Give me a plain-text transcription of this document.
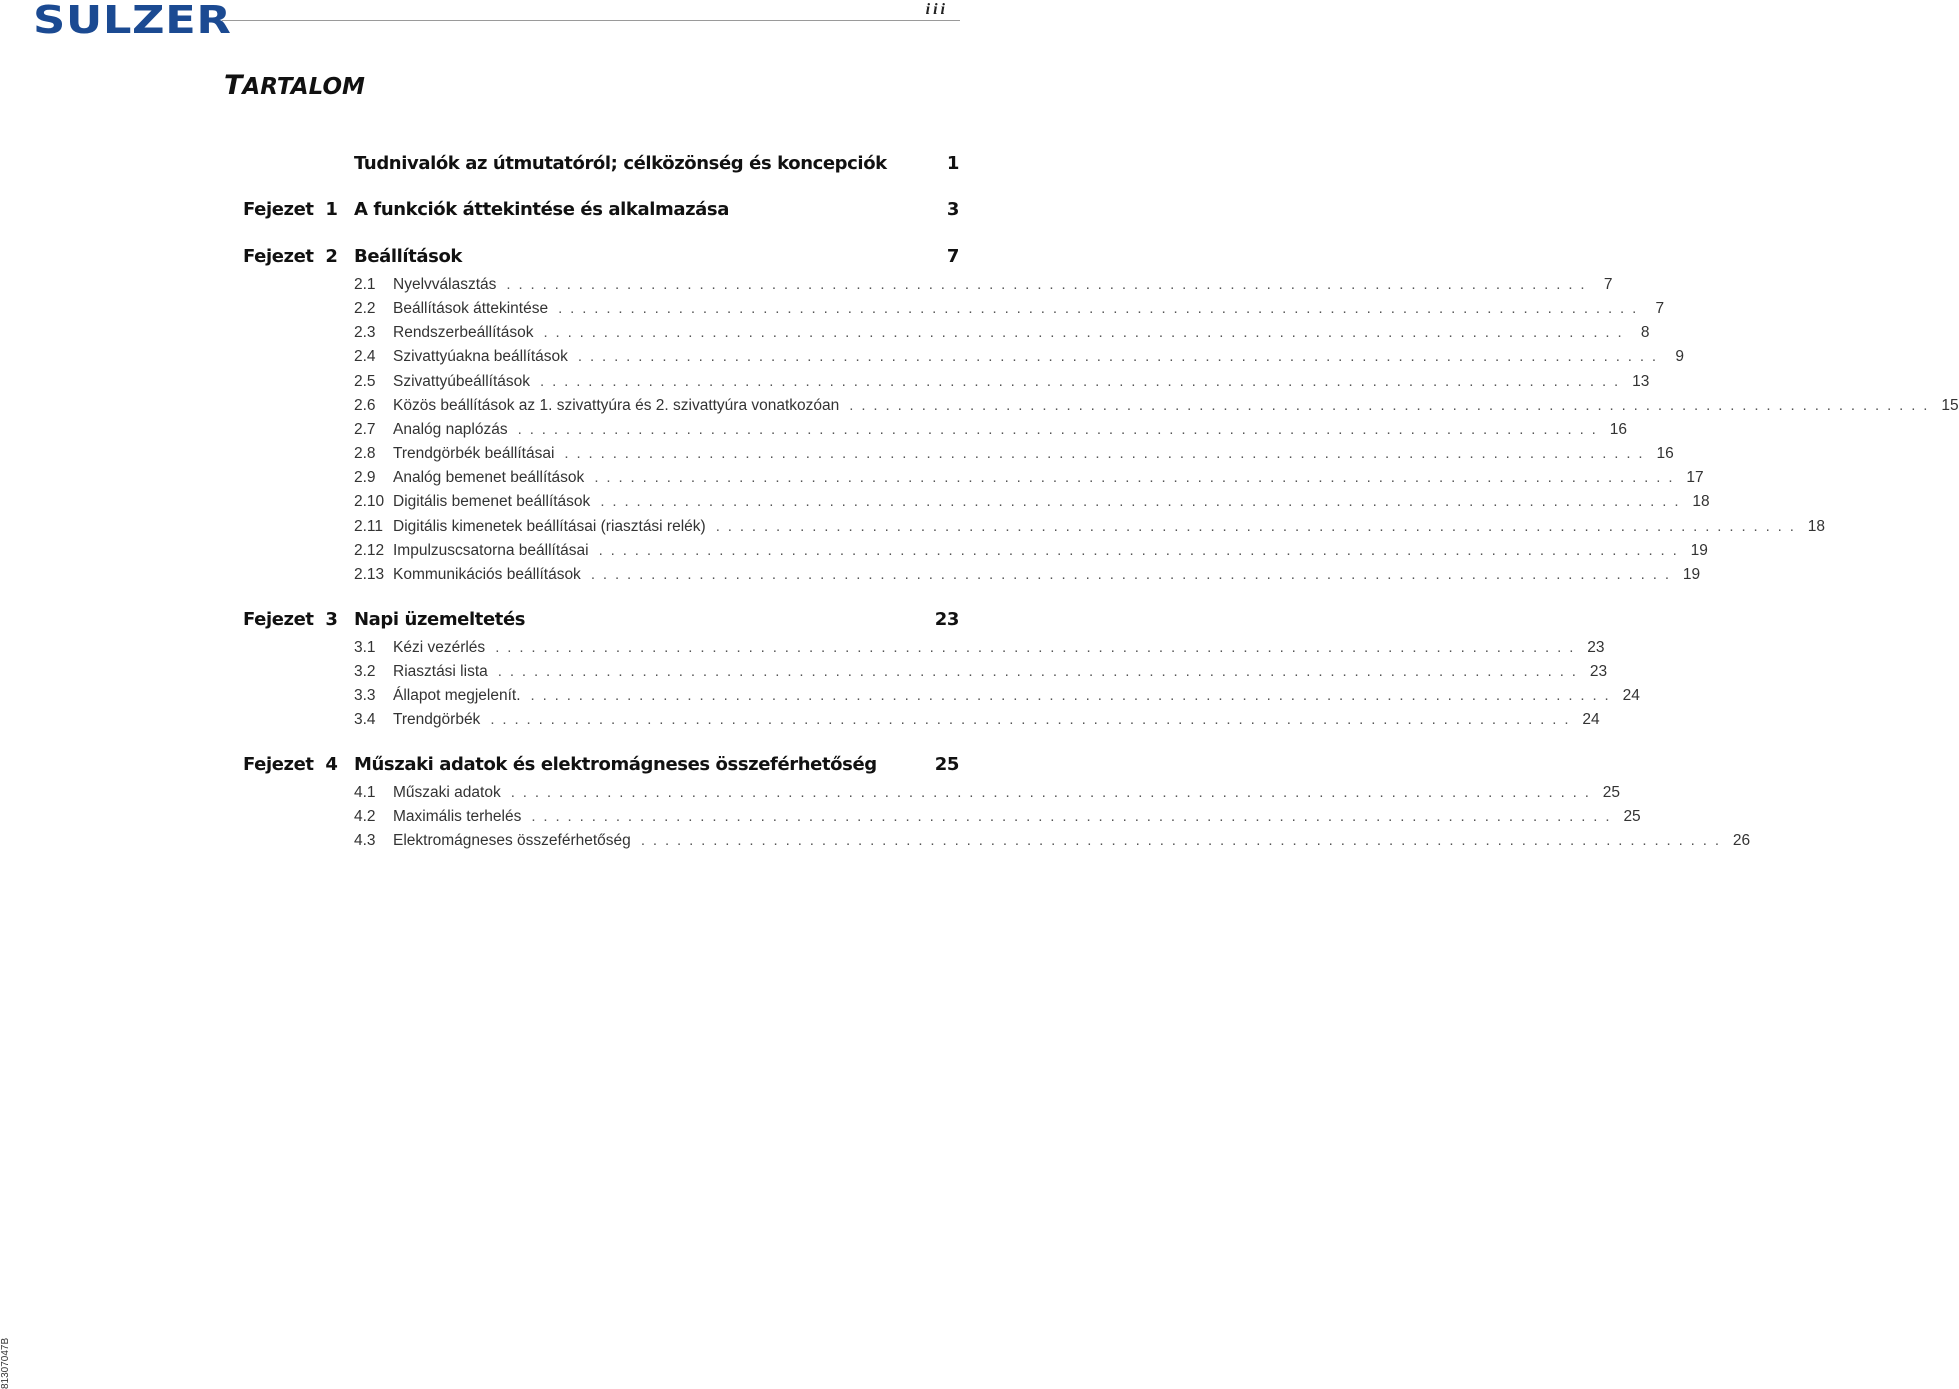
SULZER	iii
TARTALOM
Tudnivalók az útmutatóról; célközönség és koncepciók	1
Fejezet  1 A funkciók áttekintése és alkalmazása	3
Fejezet  2 Beállítások	7
2.1 Nyelvválasztás .......................................................................................... 7
2.2 Beállítások áttekintése .......................................................................................... 7
2.3 Rendszerbeállítások .......................................................................................... 8
2.4 Szivattyúakna beállítások .......................................................................................... 9
2.5 Szivattyúbeállítások .......................................................................................... 13
2.6 Közös beállítások az 1. szivattyúra és 2. szivattyúra vonatkozóan .......................................................................................... 15
2.7 Analóg naplózás .......................................................................................... 16
2.8 Trendgörbék beállításai .......................................................................................... 16
2.9 Analóg bemenet beállítások .......................................................................................... 17
2.10 Digitális bemenet beállítások .......................................................................................... 18
2.11 Digitális kimenetek beállításai (riasztási relék) .......................................................................................... 18
2.12 Impulzuscsatorna beállításai .......................................................................................... 19
2.13 Kommunikációs beállítások .......................................................................................... 19
Fejezet  3 Napi üzemeltetés	23
3.1 Kézi vezérlés .......................................................................................... 23
3.2 Riasztási lista .......................................................................................... 23
3.3 Állapot megjelenít. .......................................................................................... 24
3.4 Trendgörbék .......................................................................................... 24
Fejezet  4 Műszaki adatok és elektromágneses összeférhetőség	25
4.1 Műszaki adatok .......................................................................................... 25
4.2 Maximális terhelés .......................................................................................... 25
4.3 Elektromágneses összeférhetőség .......................................................................................... 26
81307047B
